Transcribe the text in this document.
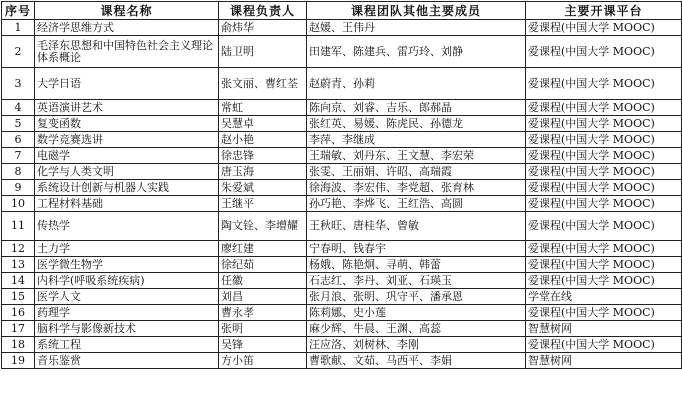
序号	课程名称	课程负责人	课程团队其他主要成员	主要开课平台
1	经济学思维方式	俞炜华	赵媛、王伟丹	爱课程(中国大学 MOOC)
2	毛泽东思想和中国特色社会主义理论体系概论	陆卫明	田建军、陈建兵、雷巧玲、刘静	爱课程(中国大学 MOOC)
3	大学日语	张文丽、曹红荃	赵蔚青、孙莉	爱课程(中国大学 MOOC)
4	英语演讲艺术	常虹	陈向京、刘睿、吉乐、郎郝晶	爱课程(中国大学 MOOC)
5	复变函数	吴慧卓	张红英、易媛、陈虎民、孙德龙	爱课程(中国大学 MOOC)
6	数学竞赛选讲	赵小艳	李萍、李继成	爱课程(中国大学 MOOC)
7	电磁学	徐忠锋	王瑞敏、刘丹东、王文慧、李宏荣	爱课程(中国大学 MOOC)
8	化学与人类文明	唐玉海	张雯、王丽娟、许昭、高瑞霞	爱课程(中国大学 MOOC)
9	系统设计创新与机器人实践	朱爱斌	徐海波、李宏伟、李党超、张育林	爱课程(中国大学 MOOC)
10	工程材料基础	王继平	孙巧艳、李烨飞、王红浩、高圆	爱课程(中国大学 MOOC)
11	传热学	陶文铨、李增耀	王秋旺、唐桂华、曾敏	爱课程(中国大学 MOOC)
12	土力学	廖红建	宁春明、钱春宇	爱课程(中国大学 MOOC)
13	医学微生物学	徐纪茹	杨娥、陈艳炯、寻萌、韩蕾	爱课程(中国大学 MOOC)
14	内科学(呼吸系统疾病)	任徽	石志红、李丹、刘亚、石瑛玉	爱课程(中国大学 MOOC)
15	医学人文	刘昌	张月浪、张明、巩守平、潘承恩	学堂在线
16	药理学	曹永孝	陈莉娜、史小莲	爱课程(中国大学 MOOC)
17	脑科学与影像新技术	张明	麻少辉、牛晨、王渊、高蕊	智慧树网
18	系统工程	吴锋	汪应洛、刘树林、李刚	爱课程(中国大学 MOOC)
19	音乐鉴赏	方小笛	曹歌献、文茹、马西平、李娟	智慧树网
